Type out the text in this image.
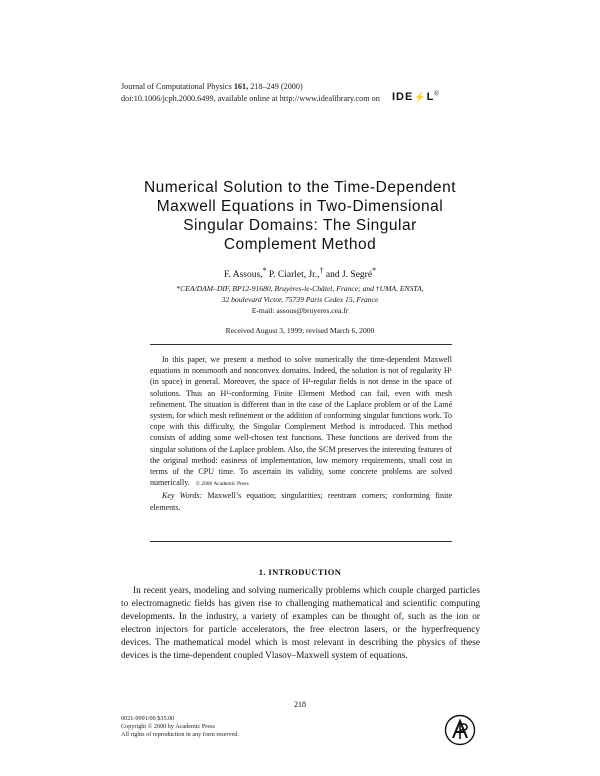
Journal of Computational Physics 161, 218–249 (2000)
doi:10.1006/jcph.2000.6499, available online at http://www.idealibrary.com on IDE⚡L®
Numerical Solution to the Time-Dependent
Maxwell Equations in Two-Dimensional
Singular Domains: The Singular
Complement Method
F. Assous,* P. Ciarlet, Jr.,† and J. Segré*
*CEA/DAM–DIF, BP12-91680, Bruyères-le-Châtel, France; and †UMA, ENSTA,
32 boulevard Victor, 75739 Paris Cedex 15, France
E-mail: assous@bruyeres.cea.fr
Received August 3, 1999; revised March 6, 2000

In this paper, we present a method to solve numerically the time-dependent Maxwell equations in nonsmooth and nonconvex domains. Indeed, the solution is not of regularity H¹ (in space) in general. Moreover, the space of H¹-regular fields is not dense in the space of solutions. Thus an H¹-conforming Finite Element Method can fail, even with mesh refinement. The situation is different than in the case of the Laplace problem or of the Lamé system, for which mesh refinement or the addition of conforming singular functions work. To cope with this difficulty, the Singular Complement Method is introduced. This method consists of adding some well-chosen test functions. These functions are derived from the singular solutions of the Laplace problem. Also, the SCM preserves the interesting features of the original method: easiness of implementation, low memory requirements, small cost in terms of the CPU time. To ascertain its validity, some concrete problems are solved numerically. © 2000 Academic Press

Key Words: Maxwell’s equation; singularities; reentrant corners; conforming finite elements.

1. INTRODUCTION

In recent years, modeling and solving numerically problems which couple charged particles to electromagnetic fields has given rise to challenging mathematical and scientific computing developments. In the industry, a variety of examples can be thought of, such as the ion or electron injectors for particle accelerators, the free electron lasers, or the hyperfrequency devices. The mathematical model which is most relevant in describing the physics of these devices is the time-dependent coupled Vlasov–Maxwell system of equations.

218
0021-9991/00 $35.00
Copyright © 2000 by Academic Press
All rights of reproduction in any form reserved.
